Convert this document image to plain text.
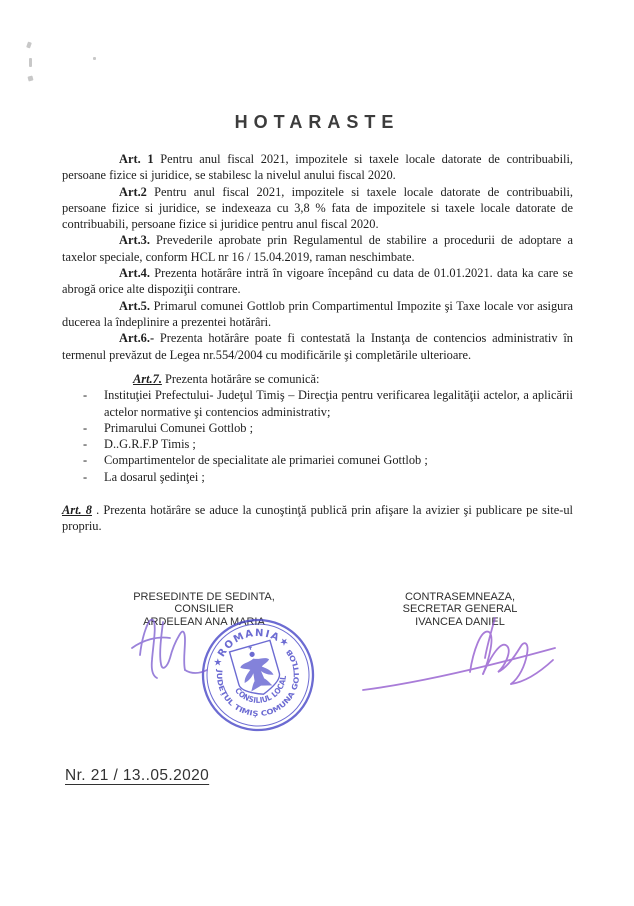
HOTARASTE

Art. 1 Pentru anul fiscal 2021, impozitele si taxele locale datorate de contribuabili, persoane fizice si juridice, se stabilesc la nivelul anului fiscal 2020.

Art.2 Pentru anul fiscal 2021, impozitele si taxele locale datorate de contribuabili, persoane fizice si juridice, se indexeaza cu 3,8 % fata de impozitele si taxele locale datorate de contribuabili, persoane fizice si juridice pentru anul fiscal 2020.

Art.3. Prevederile aprobate prin Regulamentul de stabilire a procedurii de adoptare a taxelor speciale, conform HCL nr 16 / 15.04.2019, raman neschimbate.

Art.4. Prezenta hotărâre intră în vigoare începând cu data de 01.01.2021. data ka care se abrogă orice alte dispoziţii contrare.

Art.5. Primarul comunei Gottlob prin Compartimentul Impozite şi Taxe locale vor asigura ducerea la îndeplinire a prezentei hotărâri.

Art.6.- Prezenta hotărâre poate fi contestată la Instanţa de contencios administrativ în termenul prevăzut de Legea nr.554/2004 cu modificările şi completările ulterioare.

Art.7. Prezenta hotărâre se comunică:

- Instituţiei Prefectului- Judeţul Timiş – Direcţia pentru verificarea legalităţii actelor, a aplicării actelor normative şi contencios administrativ;
- Primarului Comunei Gottlob ;
- D..G.R.F.P Timis ;
- Compartimentelor de specialitate ale primariei comunei Gottlob ;
- La dosarul şedinţei ;

Art. 8 . Prezenta hotărâre se aduce la cunoştinţă publică prin afişare la avizier şi publicare pe site-ul propriu.

PRESEDINTE DE SEDINTA,
CONSILIER
ARDELEAN ANA MARIA
CONTRASEMNEAZA,
SECRETAR GENERAL
IVANCEA DANIEL
★ROMANIA★
JUDEŢUL TIMIŞ COMUNA GOTTLOB
CONSILIUL LOCAL
Nr. 21 / 13..05.2020
